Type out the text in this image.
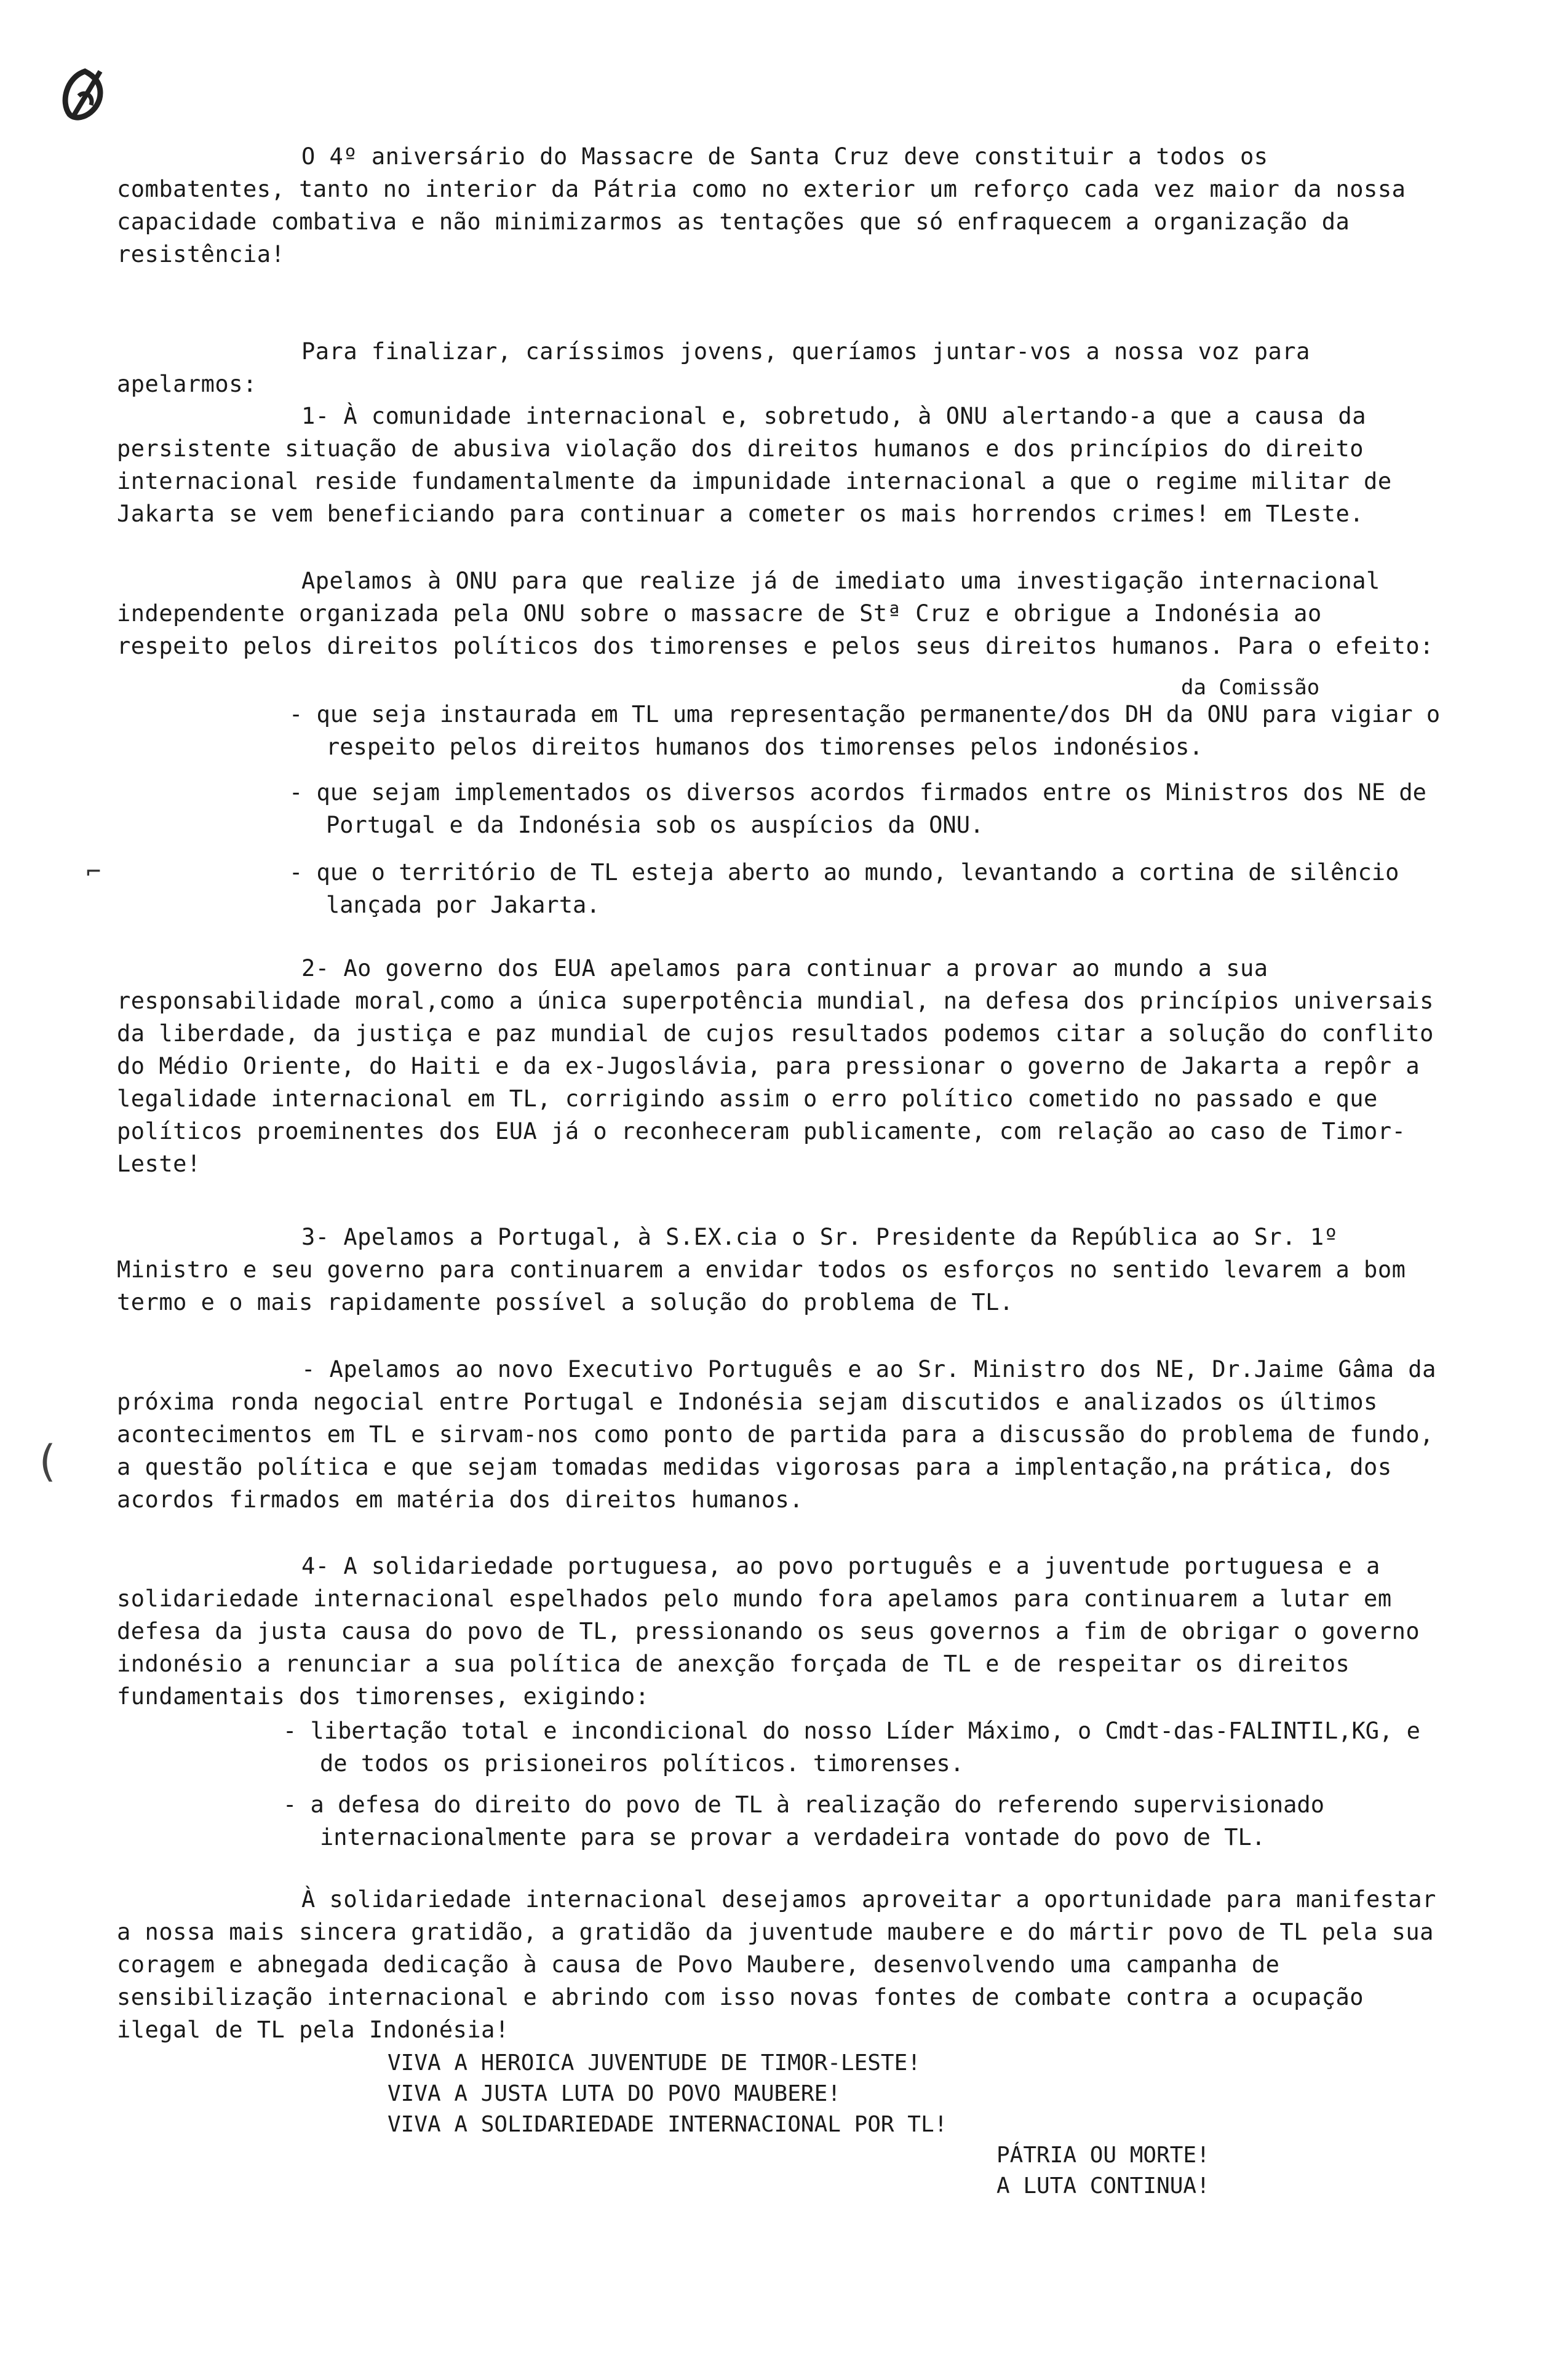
O 4º aniversário do Massacre de Santa Cruz deve constituir a todos os combatentes, tanto no interior da Pátria como no exterior um reforço cada vez maior da nossa capacidade combativa e não minimizarmos as tentações que só enfraquecem a organização da resistência!

Para finalizar, caríssimos jovens, queríamos juntar-vos a nossa voz para apelarmos:

1- À comunidade internacional e, sobretudo, à ONU alertando-a que a causa da persistente situação de abusiva violação dos direitos humanos e dos princípios do direito internacional reside fundamentalmente da impunidade internacional a que o regime militar de Jakarta se vem beneficiando para continuar a cometer os mais horrendos crimes! em TLeste.

Apelamos à ONU para que realize já de imediato uma investigação internacional independente organizada pela ONU sobre o massacre de Stª Cruz e obrigue a Indonésia ao respeito pelos direitos políticos dos timorenses e pelos seus direitos humanos. Para o efeito:

da Comissão

- que seja instaurada em TL uma representação permanente/dos DH da ONU para vigiar o respeito pelos direitos humanos dos timorenses pelos indonésios.

- que sejam implementados os diversos acordos firmados entre os Ministros dos NE de Portugal e da Indonésia sob os auspícios da ONU.

- que o território de TL esteja aberto ao mundo, levantando a cortina de silêncio lançada por Jakarta.

2- Ao governo dos EUA apelamos para continuar a provar ao mundo a sua responsabilidade moral,como a única superpotência mundial, na defesa dos princípios universais da liberdade, da justiça e paz mundial de cujos resultados podemos citar a solução do conflito do Médio Oriente, do Haiti e da ex-Jugoslávia, para pressionar o governo de Jakarta a repôr a legalidade internacional em TL, corrigindo assim o erro político cometido no passado e que políticos proeminentes dos EUA já o reconheceram publicamente, com relação ao caso de Timor-Leste!

3- Apelamos a Portugal, à S.EX.cia o Sr. Presidente da República ao Sr. 1º Ministro e seu governo para continuarem a envidar todos os esforços no sentido levarem a bom termo e o mais rapidamente possível a solução do problema de TL.

- Apelamos ao novo Executivo Português e ao Sr. Ministro dos NE, Dr.Jaime Gâma da próxima ronda negocial entre Portugal e Indonésia sejam discutidos e analizados os últimos acontecimentos em TL e sirvam-nos como ponto de partida para a discussão do problema de fundo, a questão política e que sejam tomadas medidas vigorosas para a implentação,na prática, dos acordos firmados em matéria dos direitos humanos.

4- A solidariedade portuguesa, ao povo português e a juventude portuguesa e a solidariedade internacional espelhados pelo mundo fora apelamos para continuarem a lutar em defesa da justa causa do povo de TL, pressionando os seus governos a fim de obrigar o governo indonésio a renunciar a sua política de anexção forçada de TL e de respeitar os direitos fundamentais dos timorenses, exigindo:

- libertação total e incondicional do nosso Líder Máximo, o Cmdt-das-FALINTIL,KG, e de todos os prisioneiros políticos. timorenses.

- a defesa do direito do povo de TL à realização do referendo supervisionado internacionalmente para se provar a verdadeira vontade do povo de TL.

À solidariedade internacional desejamos aproveitar a oportunidade para manifestar a nossa mais sincera gratidão, a gratidão da juventude maubere e do mártir povo de TL pela sua coragem e abnegada dedicação à causa de Povo Maubere, desenvolvendo uma campanha de sensibilização internacional e abrindo com isso novas fontes de combate contra a ocupação ilegal de TL pela Indonésia!

VIVA A HEROICA JUVENTUDE DE TIMOR-LESTE!

VIVA A JUSTA LUTA DO POVO MAUBERE!

VIVA A SOLIDARIEDADE INTERNACIONAL POR TL!

PÁTRIA OU MORTE!

A LUTA CONTINUA!

⌐
(
